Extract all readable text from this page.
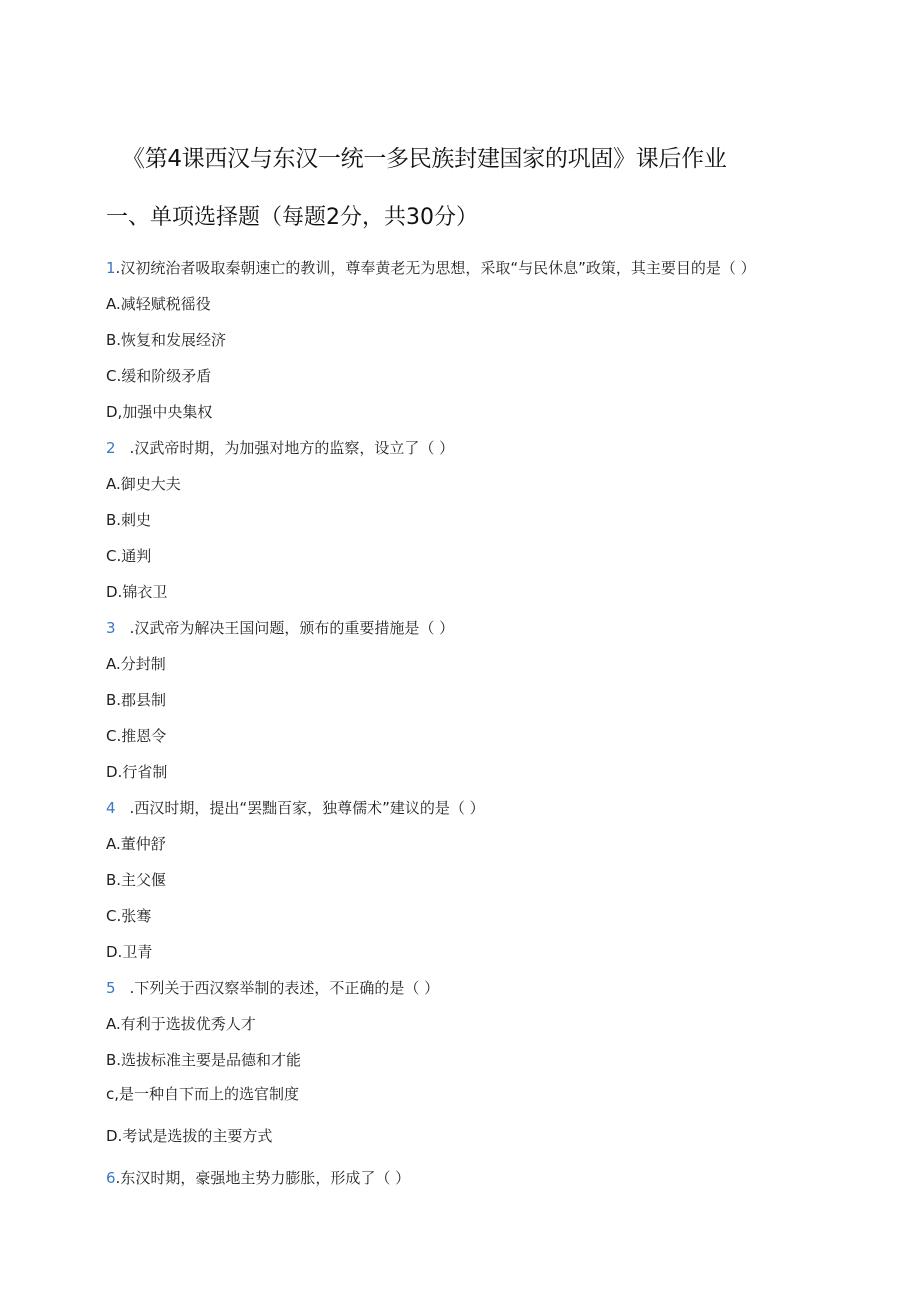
《第4课西汉与东汉一统一多民族封建国家的巩固》课后作业
一、单项选择题（每题2分，共30分）
1.汉初统治者吸取秦朝速亡的教训，尊奉黄老无为思想，采取“与民休息”政策，其主要目的是（ ）
A.减轻赋税徭役
B.恢复和发展经济
C.缓和阶级矛盾
D,加强中央集权
2 .汉武帝时期，为加强对地方的监察，设立了（ ）
A.御史大夫
B.刺史
C.通判
D.锦衣卫
3 .汉武帝为解决王国问题，颁布的重要措施是（ ）
A.分封制
B.郡县制
C.推恩令
D.行省制
4 .西汉时期，提出“罢黜百家，独尊儒术”建议的是（ ）
A.董仲舒
B.主父偃
C.张骞
D.卫青
5 .下列关于西汉察举制的表述，不正确的是（ ）
A.有利于选拔优秀人才
B.选拔标准主要是品德和才能
c,是一种自下而上的选官制度
D.考试是选拔的主要方式
6.东汉时期，豪强地主势力膨胀，形成了（ ）
